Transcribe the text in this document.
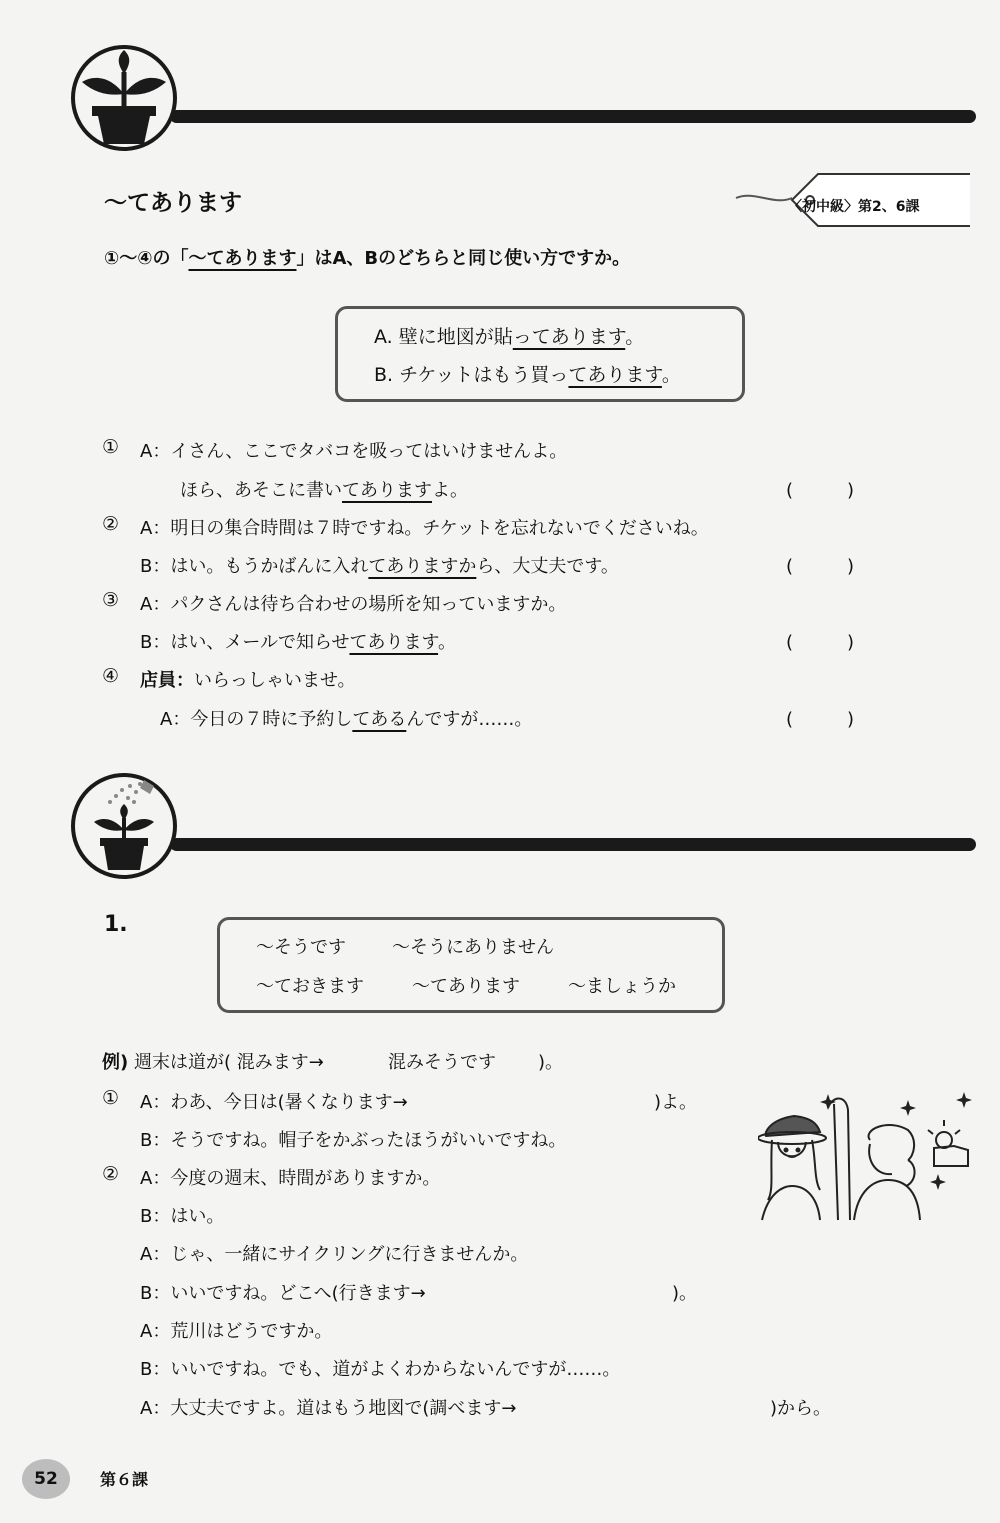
～てあります	〈初中級〉第2、6課
①～④の「～てあります」はA、Bのどちらと同じ使い方ですか。
A. 壁に地図が貼ってあります。
B. チケットはもう買ってあります。
① A：イさん、ここでタバコを吸ってはいけませんよ。
ほら、あそこに書いてありますよ。	(　　　)
② A：明日の集合時間は７時ですね。チケットを忘れないでくださいね。
B：はい。もうかばんに入れてありますから、大丈夫です。	(　　　)
③ A：パクさんは待ち合わせの場所を知っていますか。
B：はい、メールで知らせてあります。	(　　　)
④ 店員：いらっしゃいませ。
A：今日の７時に予約してあるんですが……。	(　　　)
1.
～そうです	～そうにありません
～ておきます	～てあります	～ましょうか
例) 週末は道が( 混みます→	混みそうです )。
① A：わあ、今日は(暑くなります→	)よ。
B：そうですね。帽子をかぶったほうがいいですね。
② A：今度の週末、時間がありますか。
B：はい。
A：じゃ、一緒にサイクリングに行きませんか。
B：いいですね。どこへ(行きます→	)。
A：荒川はどうですか。
B：いいですね。でも、道がよくわからないんですが……。
A：大丈夫ですよ。道はもう地図で(調べます→	)から。
52	第６課
